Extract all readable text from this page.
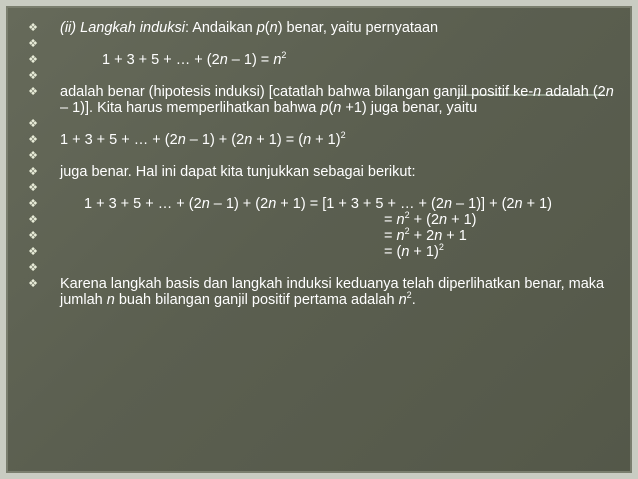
❖ (ii) Langkah induksi: Andaikan p(n) benar, yaitu pernyataan
❖
❖	1 + 3 + 5 + … + $(2n - 1) = n^2$
❖
❖ adalah benar (hipotesis induksi) [catatlah bahwa bilangan ganjil positif ke-n adalah (2n – 1)]. Kita harus memperlihatkan bahwa p(n +1) juga benar, yaitu
❖
❖ 1 + 3 + 5 + … + $(2n - 1) + (2n + 1) = (n + 1)^2$
❖
❖ juga benar. Hal ini dapat kita tunjukkan sebagai berikut:
❖
❖	1 + 3 + 5 + … + (2n – 1) + (2n + 1) = [1 + 3 + 5 + … + (2n – 1)] + (2n + 1)
❖	= $n^2 + (2n + 1)$
❖	= $n^2 + 2n + 1$
❖	= $(n + 1)^2$
❖
❖ Karena langkah basis dan langkah induksi keduanya telah diperlihatkan benar, maka jumlah n buah bilangan ganjil positif pertama adalah $n^2$.
